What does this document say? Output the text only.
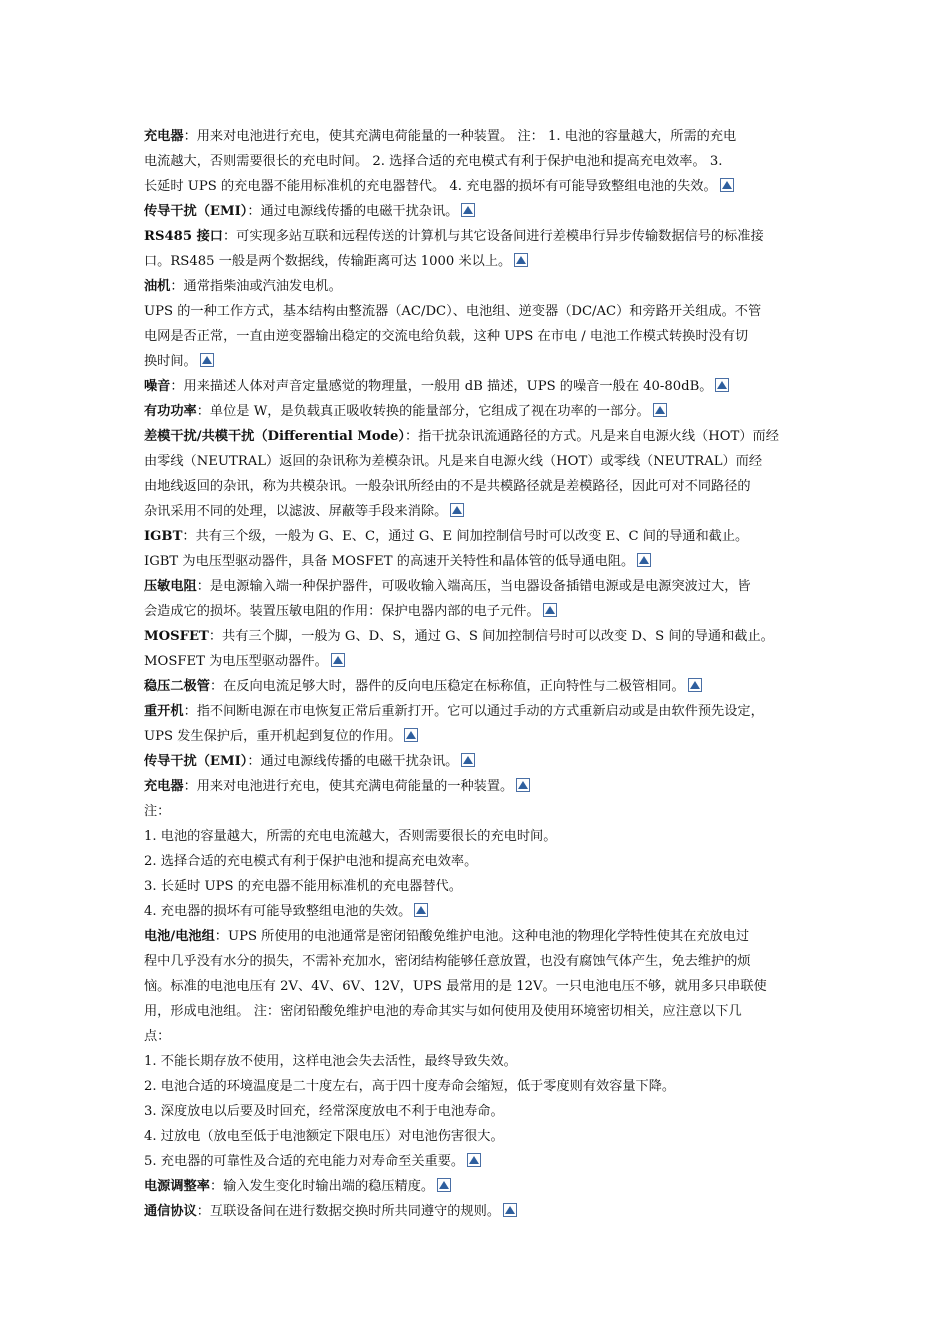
充电器：用来对电池进行充电，使其充满电荷能量的一种装置。 注： 1. 电池的容量越大，所需的充电
电流越大，否则需要很长的充电时间。 2. 选择合适的充电模式有利于保护电池和提高充电效率。 3.
长延时 UPS 的充电器不能用标准机的充电器替代。 4. 充电器的损坏有可能导致整组电池的失效。
传导干扰（EMI）：通过电源线传播的电磁干扰杂讯。
RS485 接口：可实现多站互联和远程传送的计算机与其它设备间进行差模串行异步传输数据信号的标准接
口。RS485 一般是两个数据线，传输距离可达 1000 米以上。
油机：通常指柴油或汽油发电机。
UPS 的一种工作方式，基本结构由整流器（AC/DC）、电池组、逆变器（DC/AC）和旁路开关组成。不管
电网是否正常，一直由逆变器输出稳定的交流电给负载，这种 UPS 在市电 / 电池工作模式转换时没有切
换时间。
噪音：用来描述人体对声音定量感觉的物理量，一般用 dB 描述，UPS 的噪音一般在 40-80dB。
有功功率：单位是 W，是负载真正吸收转换的能量部分，它组成了视在功率的一部分。
差模干扰/共模干扰（Differential Mode）：指干扰杂讯流通路径的方式。凡是来自电源火线（HOT）而经
由零线（NEUTRAL）返回的杂讯称为差模杂讯。凡是来自电源火线（HOT）或零线（NEUTRAL）而经
由地线返回的杂讯，称为共模杂讯。一般杂讯所经由的不是共模路径就是差模路径，因此可对不同路径的
杂讯采用不同的处理，以滤波、屏蔽等手段来消除。
IGBT：共有三个级，一般为 G、E、C，通过 G、E 间加控制信号时可以改变 E、C 间的导通和截止。
IGBT 为电压型驱动器件，具备 MOSFET 的高速开关特性和晶体管的低导通电阻。
压敏电阻：是电源输入端一种保护器件，可吸收输入端高压，当电器设备插错电源或是电源突波过大，皆
会造成它的损坏。装置压敏电阻的作用：保护电器内部的电子元件。
MOSFET：共有三个脚，一般为 G、D、S，通过 G、S 间加控制信号时可以改变 D、S 间的导通和截止。
MOSFET 为电压型驱动器件。
稳压二极管：在反向电流足够大时，器件的反向电压稳定在标称值，正向特性与二极管相同。
重开机：指不间断电源在市电恢复正常后重新打开。它可以通过手动的方式重新启动或是由软件预先设定，
UPS 发生保护后，重开机起到复位的作用。
传导干扰（EMI）：通过电源线传播的电磁干扰杂讯。
充电器：用来对电池进行充电，使其充满电荷能量的一种装置。
注：
1. 电池的容量越大，所需的充电电流越大，否则需要很长的充电时间。
2. 选择合适的充电模式有利于保护电池和提高充电效率。
3. 长延时 UPS 的充电器不能用标准机的充电器替代。
4. 充电器的损坏有可能导致整组电池的失效。
电池/电池组：UPS 所使用的电池通常是密闭铅酸免维护电池。这种电池的物理化学特性使其在充放电过
程中几乎没有水分的损失，不需补充加水，密闭结构能够任意放置，也没有腐蚀气体产生，免去维护的烦
恼。标准的电池电压有 2V、4V、6V、12V，UPS 最常用的是 12V。一只电池电压不够，就用多只串联使
用，形成电池组。 注：密闭铅酸免维护电池的寿命其实与如何使用及使用环境密切相关，应注意以下几
点：
1. 不能长期存放不使用，这样电池会失去活性，最终导致失效。
2. 电池合适的环境温度是二十度左右，高于四十度寿命会缩短，低于零度则有效容量下降。
3. 深度放电以后要及时回充，经常深度放电不利于电池寿命。
4. 过放电（放电至低于电池额定下限电压）对电池伤害很大。
5. 充电器的可靠性及合适的充电能力对寿命至关重要。
电源调整率：输入发生变化时输出端的稳压精度。
通信协议：互联设备间在进行数据交换时所共同遵守的规则。
